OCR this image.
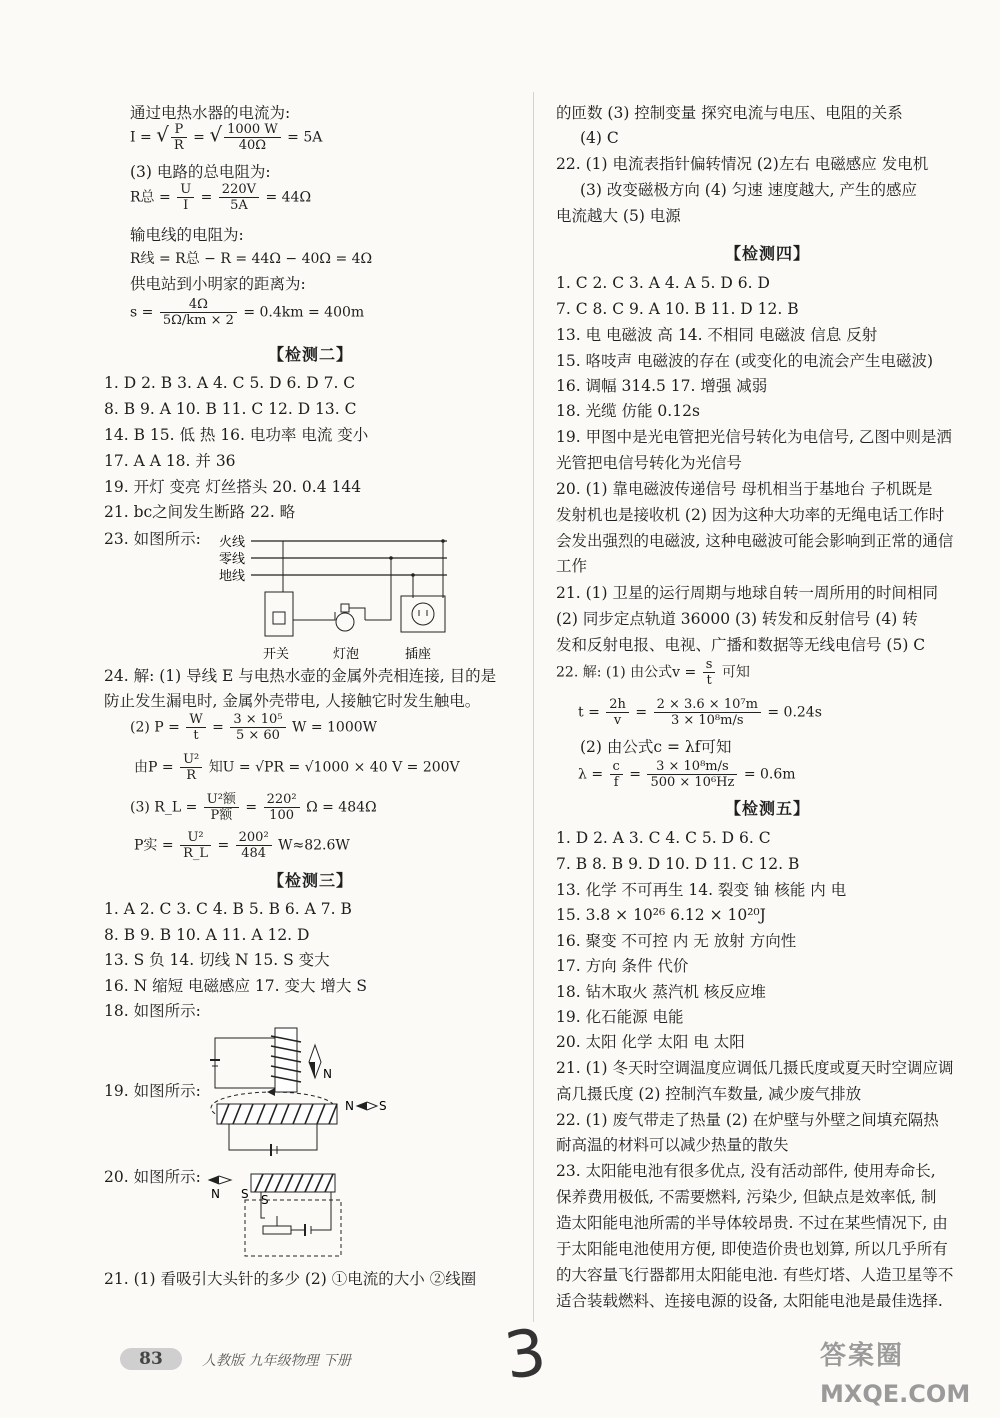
通过电热水器的电流为:
I = √ $\frac{P}{R}$ = √ $\frac{1000 W}{40\Omega} = 5A$
(3) 电路的总电阻为:
R总 = $\frac{U}{I} = \frac{220V}{5A} = 44\Omega$
输电线的电阻为:
R线 = R总 − R = 44Ω − 40Ω = 4Ω
供电站到小明家的距离为:
$s = \frac{4\Omega}{5\Omega/km \times 2} = 0.4km = 400m$
【检测二】
1. D 2. B 3. A 4. C 5. D 6. D 7. C
8. B 9. A 10. B 11. C 12. D 13. C
14. B 15. 低 热 16. 电功率 电流 变小
17. A A 18. 并 36
19. 开灯 变亮 灯丝搭头 20. 0.4 144
21. bc之间发生断路 22. 略
23. 如图所示: 火线
零线
地线
开关	灯泡	插座
24. 解: (1) 导线 E 与电热水壶的金属外壳相连接, 目的是
防止发生漏电时, 金属外壳带电, 人接触它时发生触电。
(2) $P = \frac{W}{t} = \frac{\text{3 × 10⁵}}{5 \times 60}$ W = 1000W
由$P = \frac{\text{U²}}{R}$ 知U = √PR = √1000 × 40 V = 200V
(3) R_L = $\frac{\text{U²额}}{\text{P额}} = \frac{\text{220²}}{100}$ Ω = 484Ω
P实 = $\frac{\text{U²}}{R\_L} = \frac{\text{200²}}{484} W\approx 82.6W$
【检测三】
1. A 2. C 3. C 4. B 5. B 6. A 7. B
8. B 9. B 10. A 11. A 12. D
13. S 负 14. 切线 N 15. S 变大
16. N 缩短 电磁感应 17. 变大 增大 S
18. 如图所示:
N
19. 如图所示:
N S
20. 如图所示:
N S S
21. (1) 看吸引大头针的多少 (2) ①电流的大小 ②线圈
的匝数 (3) 控制变量 探究电流与电压、电阻的关系
(4) C
22. (1) 电流表指针偏转情况 (2)左右 电磁感应 发电机
(3) 改变磁极方向 (4) 匀速 速度越大, 产生的感应
电流越大 (5) 电源
【检测四】
1. C 2. C 3. A 4. A 5. D 6. D
7. C 8. C 9. A 10. B 11. D 12. B
13. 电 电磁波 高 14. 不相同 电磁波 信息 反射
15. 咯吱声 电磁波的存在 (或变化的电流会产生电磁波)
16. 调幅 314.5 17. 增强 减弱
18. 光缆 仿能 0.12s
19. 甲图中是光电管把光信号转化为电信号, 乙图中则是洒
光管把电信号转化为光信号
20. (1) 靠电磁波传递信号 母机相当于基地台 子机既是
发射机也是接收机 (2) 因为这种大功率的无绳电话工作时
会发出强烈的电磁波, 这种电磁波可能会影响到正常的通信
工作
21. (1) 卫星的运行周期与地球自转一周所用的时间相同
(2) 同步定点轨道 36000 (3) 转发和反射信号 (4) 转
发和反射电报、电视、广播和数据等无线电信号 (5) C
22. 解: (1) 由公式$v = \frac{s}{t}$ 可知
$t = \frac{2h}{v} = \frac{\text{2 × 3.6 × 10⁷m}}{\text{3 × 10⁸m/s}} = 0.24s$
(2) 由公式c = λf可知
$\lambda = \frac{c}{f} = \frac{\text{3 × 10⁸m/s}}{\text{500 × 10⁶Hz}} = 0.6m$
【检测五】
1. D 2. A 3. C 4. C 5. D 6. C
7. B 8. B 9. D 10. D 11. C 12. B
13. 化学 不可再生 14. 裂变 铀 核能 内 电
15. 3.8 × 10²⁶ 6.12 × 10²⁰J
16. 聚变 不可控 内 无 放射 方向性
17. 方向 条件 代价
18. 钻木取火 蒸汽机 核反应堆
19. 化石能源 电能
20. 太阳 化学 太阳 电 太阳
21. (1) 冬天时空调温度应调低几摄氏度或夏天时空调应调
高几摄氏度 (2) 控制汽车数量, 减少废气排放
22. (1) 废气带走了热量 (2) 在炉壁与外壁之间填充隔热
耐高温的材料可以减少热量的散失
23. 太阳能电池有很多优点, 没有活动部件, 使用寿命长,
保养费用极低, 不需要燃料, 污染少, 但缺点是效率低, 制
造太阳能电池所需的半导体较昂贵. 不过在某些情况下, 由
于太阳能电池使用方便, 即使造价贵也划算, 所以几乎所有
的大容量飞行器都用太阳能电池. 有些灯塔、人造卫星等不
适合装载燃料、连接电源的设备, 太阳能电池是最佳选择.
83	人教版 九年级物理 下册 3	答案圈
MXQE.COM
